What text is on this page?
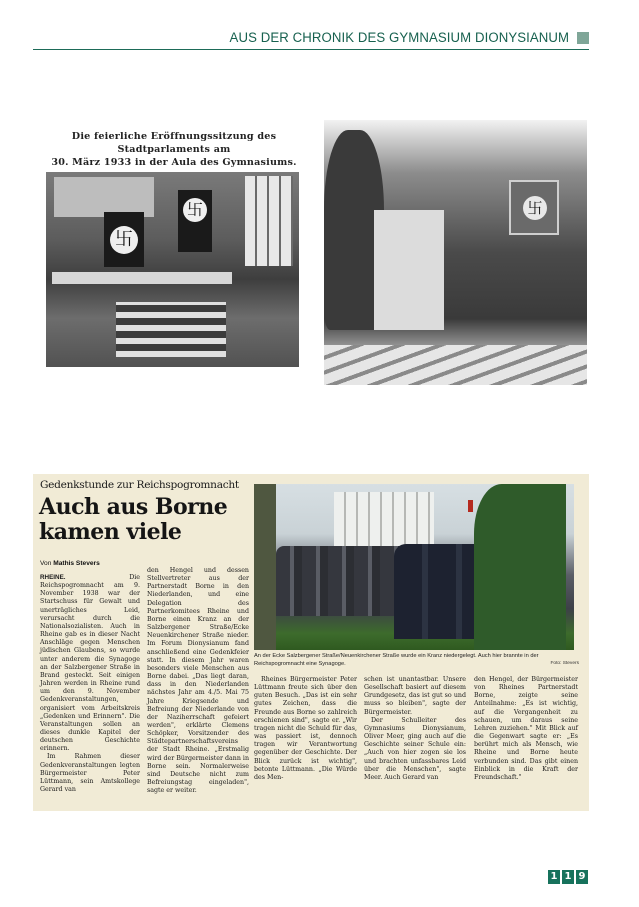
AUS DER CHRONIK DES GYMNASIUM DIONYSIANUM
Die feierliche Eröffnungssitzung des Stadtparlaments am
30. März 1933 in der Aula des Gymnasiums.
卐
卐	卐
Gedenkstunde zur Reichspogromnacht
Auch aus Borne
kamen viele
Von Mathis Stevers
An der Ecke Salzbergener Straße/Neuenkirchener Straße wurde ein Kranz niedergelegt. Auch hier brannte in der Reichspogromnacht eine Synagoge.	Foto: Stevers

RHEINE.	Die Reichspogromnacht am 9. November 1938 war der Startschuss für Gewalt und unerträgliches Leid, verursacht durch die Nationalsozialisten. Auch in Rheine gab es in dieser Nacht Anschläge gegen Menschen jüdischen Glaubens, so wurde unter anderem die Synagoge an der Salzbergener Straße in Brand gesteckt. Seit einigen Jahren werden in Rheine rund um den 9. November Gedenkveranstaltungen, organisiert vom Arbeitskreis „Gedenken und Erinnern". Die Veranstaltungen sollen an dieses dunkle Kapitel der deutschen Geschichte erinnern.

Im Rahmen dieser Gedenkveranstaltungen legten Bürgermeister Peter Lüttmann, sein Amtskollege Gerard van

den Hengel und dessen Stellvertreter aus der Partnerstadt Borne in den Niederlanden, und eine Delegation des Partnerkomitees Rheine und Borne einen Kranz an der Salzbergener Straße/Ecke Neuenkirchener Straße nieder. Im Forum Dionysianum fand anschließend eine Gedenkfeier statt. In diesem Jahr waren besonders viele Menschen aus Borne dabei. „Das liegt daran, dass in den Niederlanden nächstes Jahr am 4./5. Mai 75 Jahre Kriegsende und Befreiung der Niederlande von der Naziherrschaft gefeiert werden", erklärte Clemens Schöpker, Vorsitzender des Städtepartnerschaftsvereins der Stadt Rheine. „Erstmalig wird der Bürgermeister dann in Borne sein. Normalerweise sind Deutsche nicht zum Befreiungstag eingeladen", sagte er weiter.

Rheines Bürgermeister Peter Lüttmann freute sich über den guten Besuch. „Das ist ein sehr gutes Zeichen, dass die Freunde aus Borne so zahlreich erschienen sind", sagte er. „Wir tragen nicht die Schuld für das, was passiert ist, dennoch tragen wir Verantwortung gegenüber der Geschichte. Der Blick zurück ist wichtig", betonte Lüttmann. „Die Würde des Men-

schen ist unantastbar. Unsere Gesellschaft basiert auf diesem Grundgesetz, das ist gut so und muss so bleiben", sagte der Bürgermeister.

Der Schulleiter des Gymnasiums Dionysianum, Oliver Meer, ging auch auf die Geschichte seiner Schule ein: „Auch von hier zogen sie los und brachten unfassbares Leid über die Menschen", sagte Meer. Auch Gerard van

den Hengel, der Bürgermeister von Rheines Partnerstadt Borne, zeigte seine Anteilnahme: „Es ist wichtig, auf die Vergangenheit zu schauen, um daraus seine Lehren zuziehen." Mit Blick auf die Gegenwart sagte er: „Es berührt mich als Mensch, wie Rheine und Borne heute verbunden sind. Das gibt einen Einblick in die Kraft der Freundschaft."

1 1 9
